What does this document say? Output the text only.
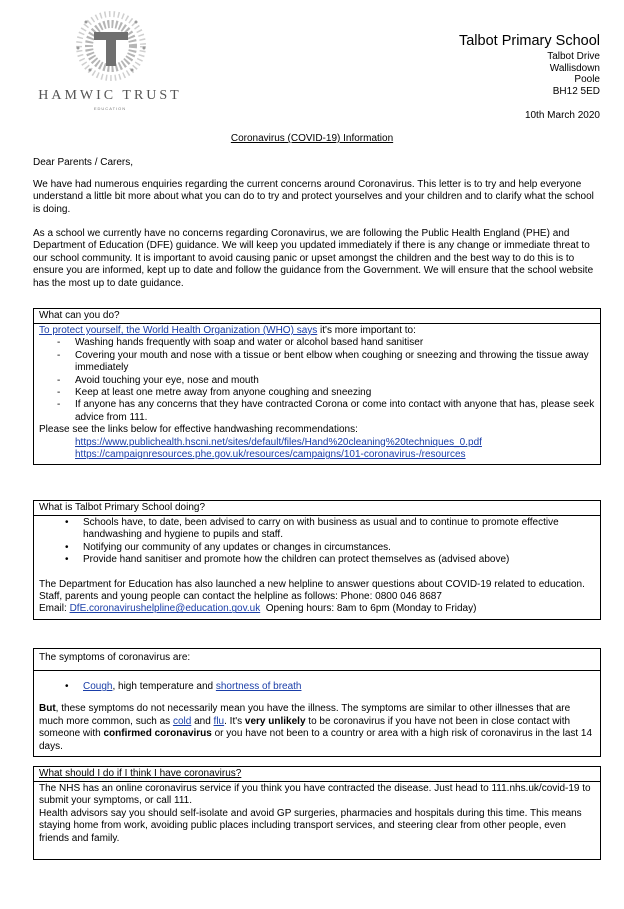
HAMWIC TRUST
EDUCATION
Talbot Primary School
Talbot Drive
Wallisdown
Poole
BH12 5ED
10th March 2020
Coronavirus (COVID-19) Information
Dear Parents / Carers,
We have had numerous enquiries regarding the current concerns around Coronavirus. This letter is to try and help everyone understand a little bit more about what you can do to try and protect yourselves and your children and to clarify what the school is doing.
As a school we currently have no concerns regarding Coronavirus, we are following the Public Health England (PHE) and Department of Education (DFE) guidance. We will keep you updated immediately if there is any change or immediate threat to our school community. It is important to avoid causing panic or upset amongst the children and the best way to do this is to ensure you are informed, kept up to date and follow the guidance from the Government. We will ensure that the school website has the most up to date guidance.
What can you do?
To protect yourself, the World Health Organization (WHO) says it's more important to:
- Washing hands frequently with soap and water or alcohol based hand sanitiser
- Covering your mouth and nose with a tissue or bent elbow when coughing or sneezing and throwing the tissue away immediately
- Avoid touching your eye, nose and mouth
- Keep at least one metre away from anyone coughing and sneezing
- If anyone has any concerns that they have contracted Corona or come into contact with anyone that has, please seek advice from 111.
Please see the links below for effective handwashing recommendations:
https://www.publichealth.hscni.net/sites/default/files/Hand%20cleaning%20techniques_0.pdf
https://campaignresources.phe.gov.uk/resources/campaigns/101-coronavirus-/resources
What is Talbot Primary School doing?
• Schools have, to date, been advised to carry on with business as usual and to continue to promote effective handwashing and hygiene to pupils and staff.
• Notifying our community of any updates or changes in circumstances.
• Provide hand sanitiser and promote how the children can protect themselves as (advised above)
The Department for Education has also launched a new helpline to answer questions about COVID-19 related to education. Staff, parents and young people can contact the helpline as follows: Phone: 0800 046 8687
Email: DfE.coronavirushelpline@education.gov.uk  Opening hours: 8am to 6pm (Monday to Friday)
The symptoms of coronavirus are:
• Cough, high temperature and shortness of breath
But, these symptoms do not necessarily mean you have the illness. The symptoms are similar to other illnesses that are much more common, such as cold and flu. It's very unlikely to be coronavirus if you have not been in close contact with someone with confirmed coronavirus or you have not been to a country or area with a high risk of coronavirus in the last 14 days.
What should I do if I think I have coronavirus?
The NHS has an online coronavirus service if you think you have contracted the disease. Just head to 111.nhs.uk/covid-19 to submit your symptoms, or call 111.
Health advisors say you should self-isolate and avoid GP surgeries, pharmacies and hospitals during this time. This means staying home from work, avoiding public places including transport services, and steering clear from other people, even friends and family.
